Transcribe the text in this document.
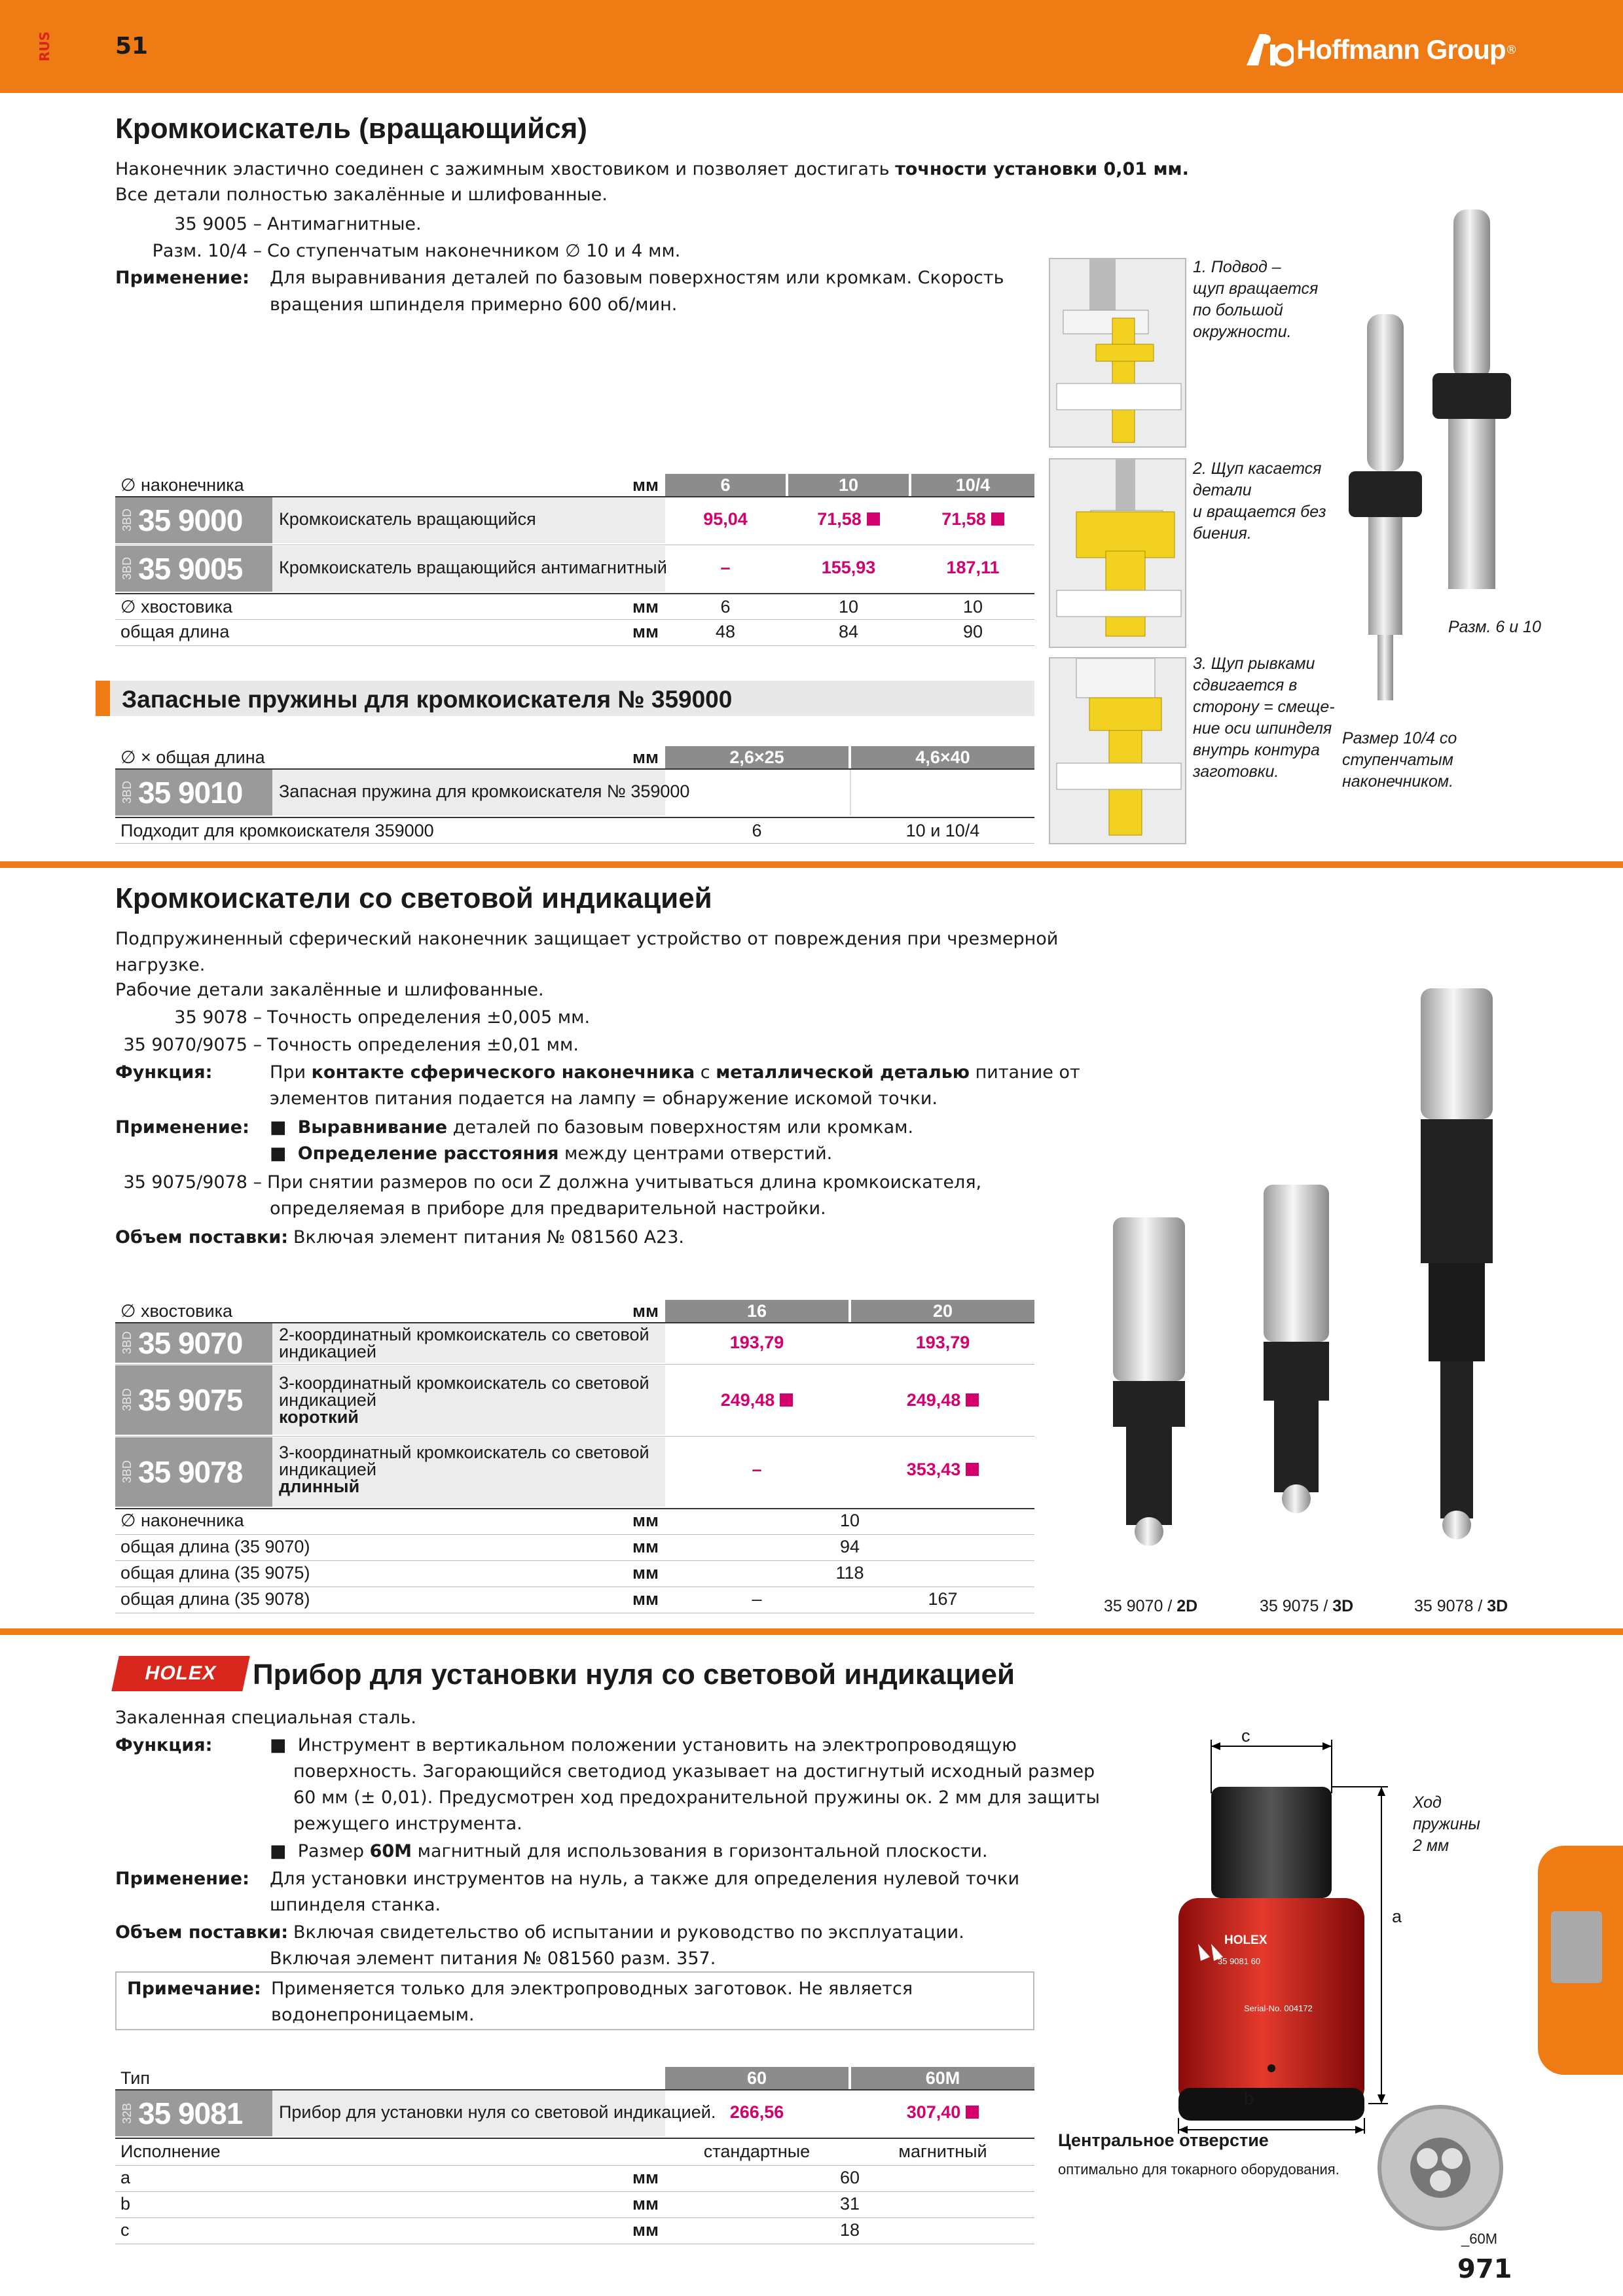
RUS	51	Hoffmann Group ®
Кромкоискатель (вращающийся)
Наконечник эластично соединен с зажимным хвостовиком и позволяет достигать точности установки 0,01 мм.
Все детали полностью закалённые и шлифованные.
35 9005 – Антимагнитные.
Разм. 10/4 – Со ступенчатым наконечником ∅ 10 и 4 мм.
Применение:	Для выравнивания деталей по базовым поверхностям или кромкам. Скорость
вращения шпинделя примерно 600 об/мин.
∅ наконечника	мм	6	10	10/4
3BD 35 9000 Кромкоискатель вращающийся	95,04	71,58	71,58
3BD 35 9005 Кромкоискатель вращающийся антимагнитный	–	155,93	187,11
∅ хвостовика	мм	6	10	10
общая длина	мм	48	84	90
1. Подвод –
щуп вращается
по большой
окружности.
2. Щуп касается
детали
и вращается без
биения.
3. Щуп рывками
сдвигается в
сторону = смеще-
ние оси шпинделя
внутрь контура
заготовки.
Разм. 6 и 10
Размер 10/4 со
ступенчатым
наконечником.
Запасные пружины для кромкоискателя № 359000
∅ × общая длина	мм	2,6×25	4,6×40
3BD 35 9010 Запасная пружина для кромкоискателя № 359000
Подходит для кромкоискателя 359000	6	10 и 10/4
Кромкоискатели со световой индикацией
Подпружиненный сферический наконечник защищает устройство от повреждения при чрезмерной
нагрузке.
Рабочие детали закалённые и шлифованные.
35 9078 – Точность определения ±0,005 мм.
35 9070/9075 – Точность определения ±0,01 мм.
Функция:	При контакте сферического наконечника с металлической деталью питание от
элементов питания подается на лампу = обнаружение искомой точки.
Применение:	■  Выравнивание деталей по базовым поверхностям или кромкам.
■  Определение расстояния между центрами отверстий.
35 9075/9078 – При снятии размеров по оси Z должна учитываться длина кромкоискателя,
определяемая в приборе для предварительной настройки.
Объем поставки: Включая элемент питания № 081560 A23.
∅ хвостовика	мм	16	20
3BD 35 9070 2-координатный кромкоискатель со световой
индикацией	193,79	193,79
3BD 35 9075 3-координатный кромкоискатель со световой
индикацией
короткий
249,48	249,48
3BD 35 9078
3-координатный кромкоискатель со световой
индикацией
длинный
–	353,43
∅ наконечника	мм	10
общая длина (35 9070)	мм	94
общая длина (35 9075)	мм	118
общая длина (35 9078)	мм	–	167	35 9070 / 2D	35 9075 / 3D	35 9078 / 3D
HOLEX	Прибор для установки нуля со световой индикацией
Закаленная специальная сталь.
Функция:	■  Инструмент в вертикальном положении установить на электропроводящую
поверхность. Загорающийся светодиод указывает на достигнутый исходный размер
60 мм (± 0,01). Предусмотрен ход предохранительной пружины ок. 2 мм для защиты
режущего инструмента.
■  Размер 60M магнитный для использования в горизонтальной плоскости.
Применение:	Для установки инструментов на нуль, а также для определения нулевой точки
шпинделя станка.
Объем поставки: Включая свидетельство об испытании и руководство по эксплуатации.
Включая элемент питания № 081560 разм. 357.
Примечание: Применяется только для электропроводных заготовок. Не является
водонепроницаемым.
Тип	60	60M
32B 35 9081 Прибор для установки нуля со световой индикацией. 266,56	307,40
Исполнение	стандартные	магнитный
a	мм	60
b	мм	31
c	мм	18
c
a
b
HOLEX
35 9081 60
Serial-No. 004172
Ход
пружины
2 мм
Центральное отверстие
оптимально для токарного оборудования.
_60M
971
